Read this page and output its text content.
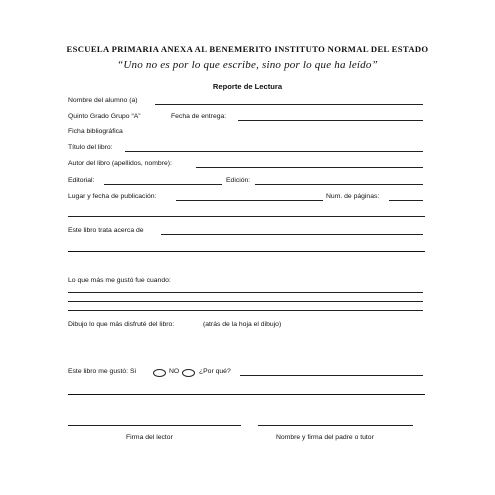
ESCUELA PRIMARIA ANEXA AL BENEMERITO INSTITUTO NORMAL DEL ESTADO
“Uno no es por lo que escribe, sino por lo que ha leído”
Reporte de Lectura
Nombre del alumno (a)
Quinto Grado Grupo “A”	Fecha de entrega:
Ficha bibliográfica
Título del libro:
Autor del libro (apellidos, nombre):
Editorial:	Edición:
Lugar y fecha de publicación:	Num. de páginas:
Este libro trata acerca de
Lo que más me gustó fue cuando:
Dibujo lo que más disfruté del libro:	(atrás de la hoja el dibujo)
Este libro me gustó: Si	NO	¿Por qué?
Firma del lector	Nombre y firma del padre o tutor
